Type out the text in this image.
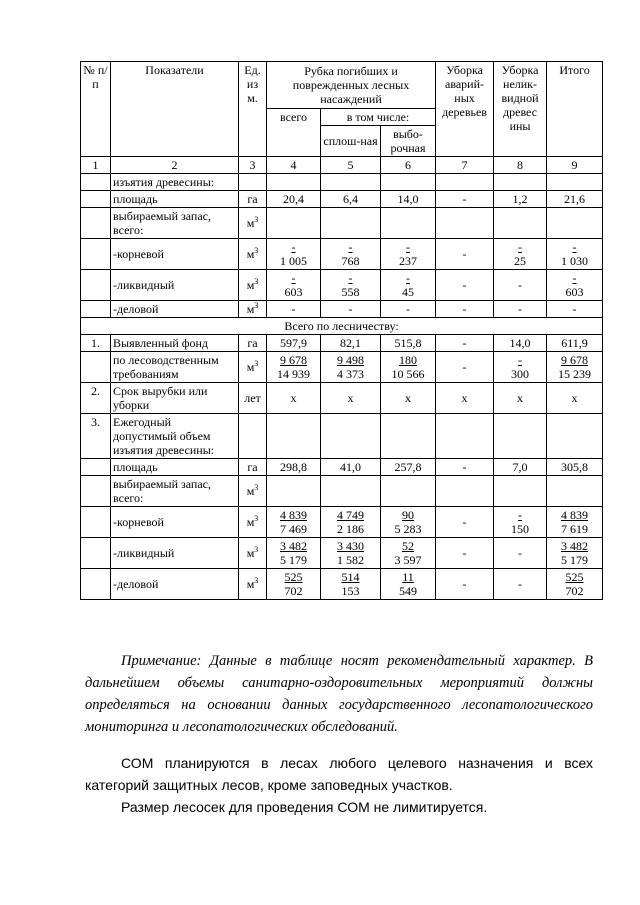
№ п/п	Показатели	Ед. из м.	Рубка погибших и поврежденных лесных насаждений			Уборка аварий-ных деревьев	Уборка нелик-видной древес ины	Итого
			всего	в том числе:				
				сплош-ная	выбо-рочная			
1	2	3	4	5	6	7	8	9
	изъятия древесины:							
	площадь	га	20,4	6,4	14,0	-	1,2	21,6
	выбираемый запас, всего:	$м^3$						
	-корневой	$м^3$	$\frac{-}{1 005}$	$\frac{-}{768}$	$\frac{-}{237}$	-	$\frac{-}{25}$	$\frac{-}{1 030}$

	-ликвидный	$м^3$	$\frac{-}{603}$	$\frac{-}{558}$	$\frac{-}{45}$	-	-	$\frac{-}{603}$

	-деловой	$м^3$	-	-	-	-	-	-
Всего по лесничеству:								
1.	Выявленный фонд	га	597,9	82,1	515,8	-	14,0	611,9
	по лесоводственным требованиям	$м^3$	$\frac{9 678}{14 939}$	$\frac{9 498}{4 373}$	$\frac{180}{10 566}$	-	$\frac{-}{300}$	$\frac{9 678}{15 239}$

2.	Срок вырубки или уборки	лет	х	х	х	х	х	х
3.	Ежегодный допустимый объем изъятия древесины:							
	площадь	га	298,8	41,0	257,8	-	7,0	305,8
	выбираемый запас, всего:	$м^3$						
	-корневой	$м^3$	$\frac{4 839}{7 469}$	$\frac{4 749}{2 186}$	$\frac{90}{5 283}$	-	$\frac{-}{150}$	$\frac{4 839}{7 619}$

	-ликвидный	$м^3$	$\frac{3 482}{5 179}$	$\frac{3 430}{1 582}$	$\frac{52}{3 597}$	-	-	$\frac{3 482}{5 179}$

	-деловой	$м^3$	$\frac{525}{702}$	$\frac{514}{153}$	$\frac{11}{549}$	-	-	$\frac{525}{702}$

Примечание: Данные в таблице носят рекомендательный характер. В дальнейшем объемы санитарно-оздоровительных мероприятий должны определяться на основании данных государственного лесопатологического мониторинга и лесопатологических обследований.

СОМ планируются в лесах любого целевого назначения и всех категорий защитных лесов, кроме заповедных участков.

Размер лесосек для проведения СОМ не лимитируется.
